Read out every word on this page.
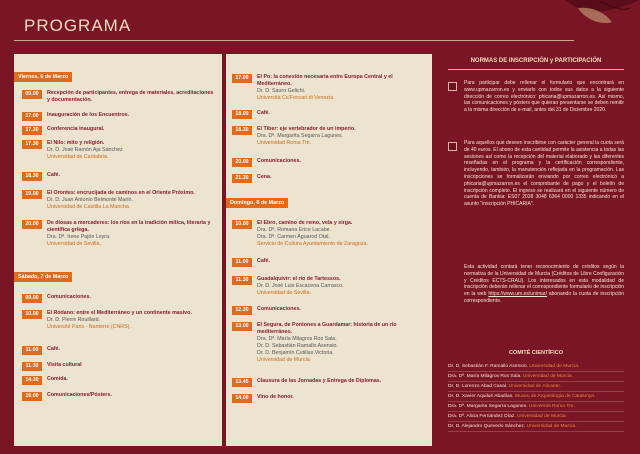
PROGRAMA
Viernes, 6 de Marzo
09.00	Recepción de participantes, entrega de materiales, acreditaciones y documentación.
17.00	Inauguración de los Encuentros.
17.30	Conferencia inaugural.
17.30	El Nilo: mito y religión.
Dr. D. José Ramón Aja Sánchez
Universidad de Cantabria.
18.30	Café.
19.00	El Orontes: encrucijada de caminos en el Oriente Próximo.
Dr. D. Juan Antonio Belmonte Marín.
Universidad de Castilla La Mancha.
20.00	De diosas a mercaderes: los ríos en la tradición mítica, literaria y científica griega.
Dra. Dª. Irene Pajón Leyra.
Universidad de Sevilla.
Sábado, 7 de Marzo
09.00	Comunicaciones.
10.00	El Ródano: entre el Mediterráneo y un continente masivo.
Dr. D. Pierre Rouillard.
Université Paris - Nanterre (CNRS).
11.00	Café.
11.30	Visita cultural
14.30	Comida.
16.00	Comunicaciones/Pósters.
17.00	El Po: la conexión necesaria entre Europa Central y el Mediterráneo.
Dr. D. Sauro Gelichi.
Università Ca'Foscari di Venezia.
18.00	Café.
18.30	El Tíber: eje vertebrador de un imperio.
Dra. Dª. Margarita Segarra Lagunes.
Universidad Roma Tre.
20.00	Comunicaciones.
21.30	Cena.
Domingo, 8 de Marzo
10.00	El Ebro, camino de remo, vela y sirga.
Dra. Dª. Romana Erice Lacabe.
Dra. Dª. Carmen Aguarod Otal.
Servicio de Cultura Ayuntamiento de Zaragoza.
11.00	Café.
11.30	Guadalquivir: el río de Tartessos.
Dr. D. José Luis Escacena Carrasco.
Universidad de Sevilla.
12.30	Comunicaciones.
13.00	El Segura, de Pontones a Guardamar: historia de un río mediterráneo.
Dra. Dª. María Milagros Ros Sala.
Dr. D. Sebastián Ramallo Asensio.
Dr. D. Benjamín Cutillas Victoria.
Universidad de Murcia.
13.45	Clausura de las Jornadas y Entrega de Diplomas.
14.00	Vino de honor.
NORMAS DE INSCRIPCIÓN y PARTICIPACIÓN
Para participar debe rellenar el formulario que encontrará en www.upmazarron.es y enviarlo con todos sus datos a la siguiente dirección de correo electrónico: phicaria@upmazarron.es. Así mismo, las comunicaciones y pósters que quieran presentarse se deben remitir a la misma dirección de e-mail, antes del 31 de Diciembre 2020.
Para aquellos que deseen inscribirse con carácter general la cuota será de 40 euros. El abono de esta cantidad permite la asistencia a todas las sesiones así como la recepción del material elaborado y las diferentes reseñadas en el programa y la certificación correspondiente, incluyendo, también, la manutención reflejada en la programación. Las inscripciones se formalizarán enviando por correo electrónico a phicaria@upmazarron.es el comprobante de pago y el boletín de inscripción completo. El ingreso se realizará en el siguiente número de cuenta de Bankia: ES07 2038 3048 6364 0000 1335 indicando en el asunto "inscripción PHICARIA".
Esta actividad contará tener reconocimiento de créditos según la normativa de la Universidad de Murcia (Créditos de Libre Configuración y Créditos ECTS-CRAU). Los interesados en esta modalidad de inscripción deberán rellenar el correspondiente formulario de inscripción en la web https://www.um.es/unimar/ abonando la cuota de inscripción correspondiente.
COMITÉ CIENTÍFICO
Dr. D. Sebastián F. Ramallo Asensio. Universidad de Murcia.
Dra. Dª. María Milagros Ros Sala. Universidad de Murcia.
Dr. D. Lorenzo Abad Casal. Universidad de Alicante.
Dr. D. Xavier Aquilué Abadías. Museu de Arqueología de Catalunya.
Dra. Dª. Margarita Segarra Lagunes. Università Roma Tre.
Dra. Dª. Alicia Fernández Díaz. Universidad de Murcia.
Dr. D. Alejandro Quevedo Sánchez. Universidad de Murcia.
